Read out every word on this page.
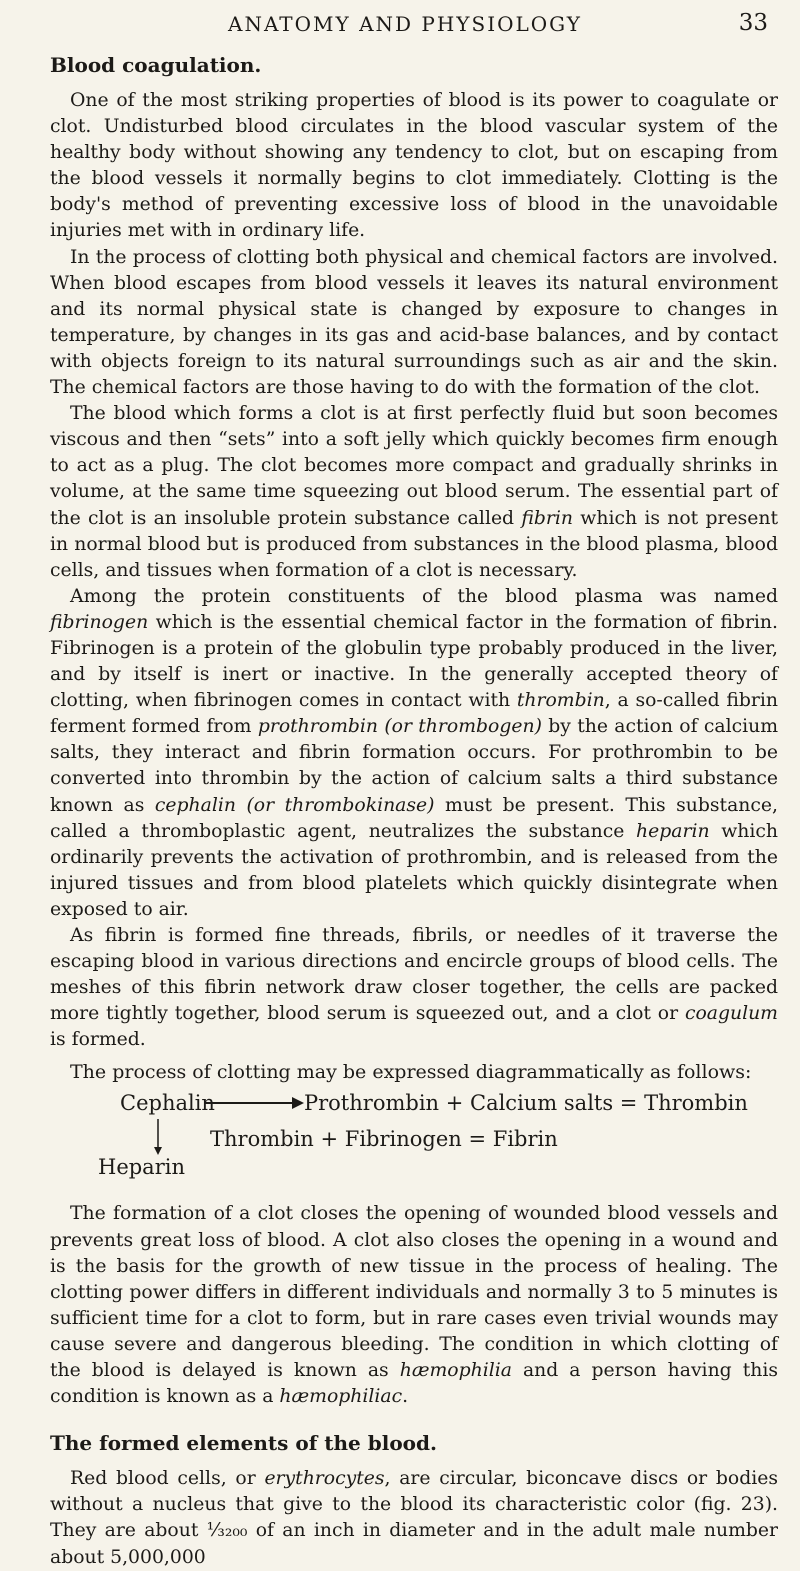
ANATOMY AND PHYSIOLOGY	33
Blood coagulation.

One of the most striking properties of blood is its power to coagulate or clot. Undisturbed blood circulates in the blood vascular system of the healthy body without showing any tendency to clot, but on escaping from the blood vessels it normally begins to clot immediately. Clotting is the body's method of preventing excessive loss of blood in the unavoidable injuries met with in ordinary life.

In the process of clotting both physical and chemical factors are involved. When blood escapes from blood vessels it leaves its natural environment and its normal physical state is changed by exposure to changes in temperature, by changes in its gas and acid-base balances, and by contact with objects foreign to its natural surroundings such as air and the skin. The chemical factors are those having to do with the formation of the clot.

The blood which forms a clot is at first perfectly fluid but soon becomes viscous and then “sets” into a soft jelly which quickly becomes firm enough to act as a plug. The clot becomes more compact and gradually shrinks in volume, at the same time squeezing out blood serum. The essential part of the clot is an insoluble protein substance called fibrin which is not present in normal blood but is produced from substances in the blood plasma, blood cells, and tissues when formation of a clot is necessary.

Among the protein constituents of the blood plasma was named fibrinogen which is the essential chemical factor in the formation of fibrin. Fibrinogen is a protein of the globulin type probably produced in the liver, and by itself is inert or inactive. In the generally accepted theory of clotting, when fibrinogen comes in contact with thrombin, a so-called fibrin ferment formed from prothrombin (or thrombogen) by the action of calcium salts, they interact and fibrin formation occurs. For prothrombin to be converted into thrombin by the action of calcium salts a third substance known as cephalin (or thrombokinase) must be present. This substance, called a thromboplastic agent, neutralizes the substance heparin which ordinarily prevents the activation of prothrombin, and is released from the injured tissues and from blood platelets which quickly disintegrate when exposed to air.

As fibrin is formed fine threads, fibrils, or needles of it traverse the escaping blood in various directions and encircle groups of blood cells. The meshes of this fibrin network draw closer together, the cells are packed more tightly together, blood serum is squeezed out, and a clot or coagulum is formed.

The process of clotting may be expressed diagrammatically as follows:

Cephalin	Prothrombin + Calcium salts = Thrombin
Thrombin + Fibrinogen = Fibrin
Heparin

The formation of a clot closes the opening of wounded blood vessels and prevents great loss of blood. A clot also closes the opening in a wound and is the basis for the growth of new tissue in the process of healing. The clotting power differs in different individuals and normally 3 to 5 minutes is sufficient time for a clot to form, but in rare cases even trivial wounds may cause severe and dangerous bleeding. The condition in which clotting of the blood is delayed is known as hæmophilia and a person having this condition is known as a hæmophiliac.

The formed elements of the blood.

Red blood cells, or erythrocytes, are circular, biconcave discs or bodies without a nucleus that give to the blood its characteristic color (fig. 23). They are about ¹⁄₃₂₀₀ of an inch in diameter and in the adult male number about 5,000,000
